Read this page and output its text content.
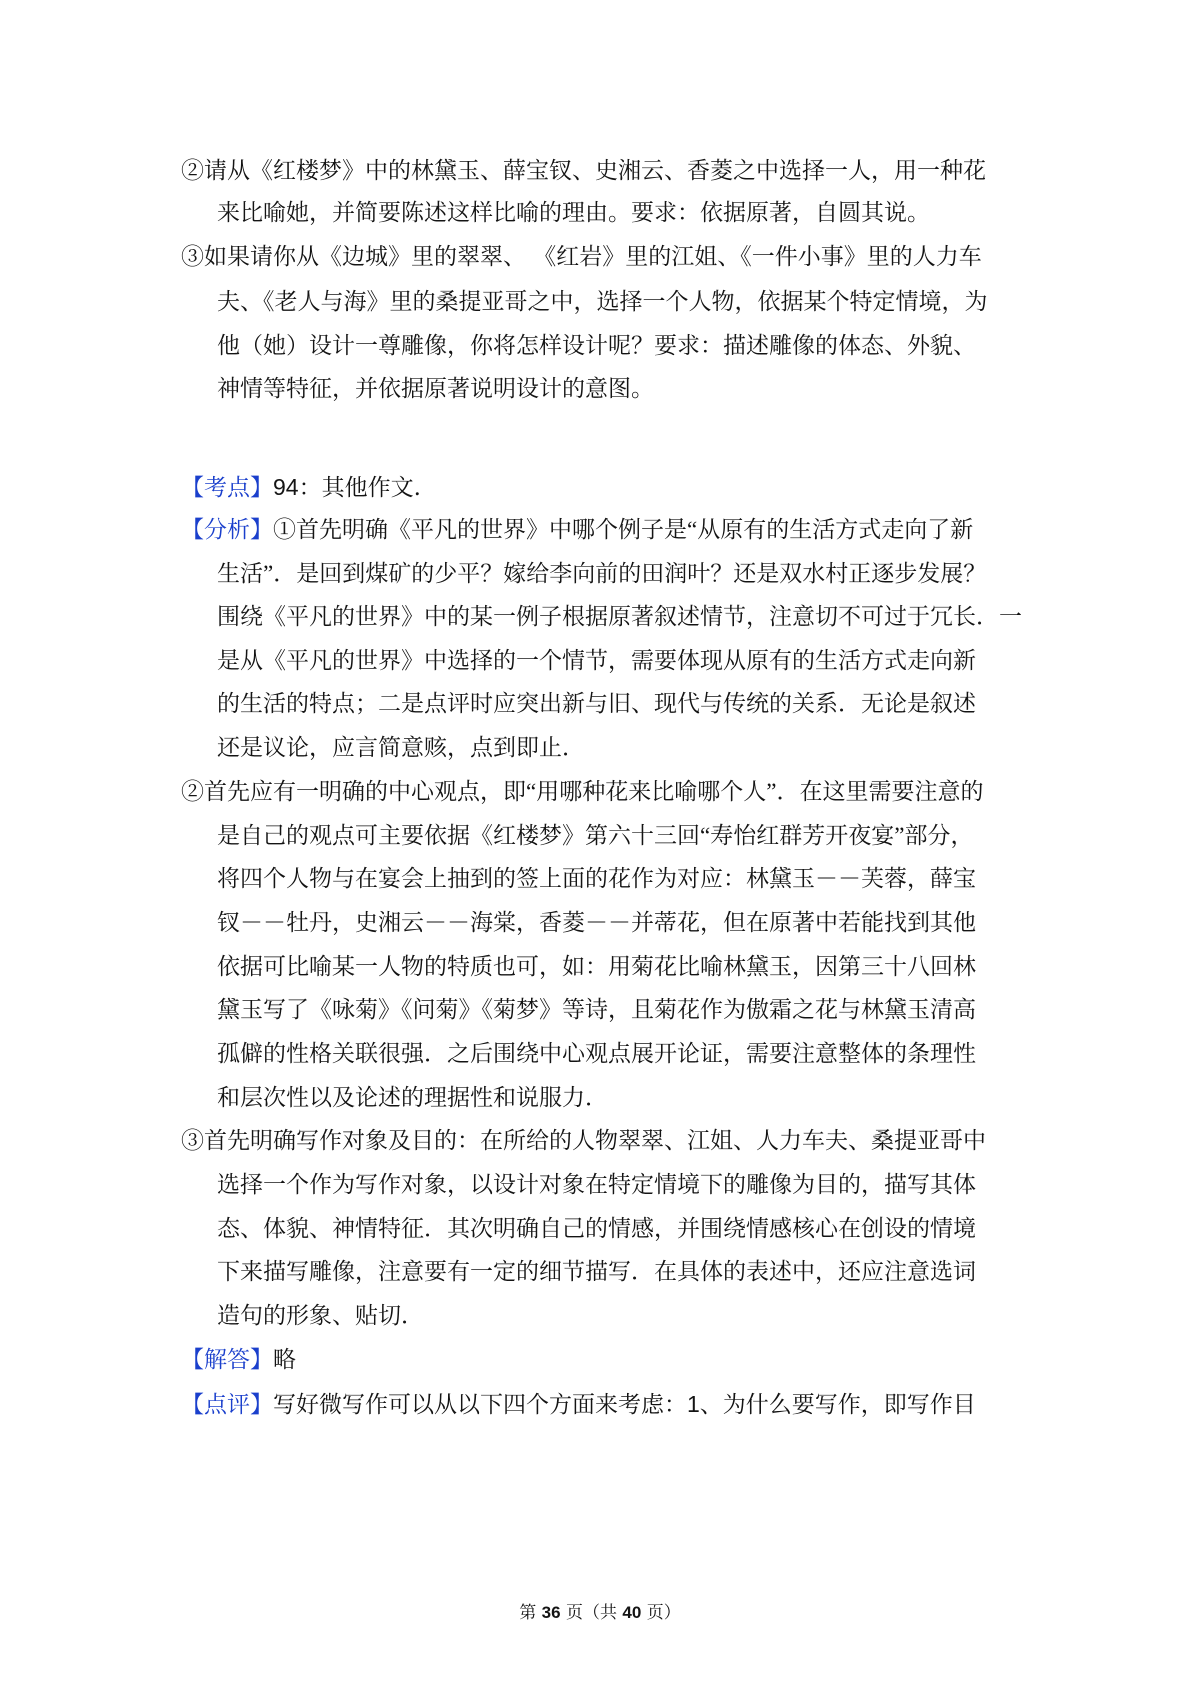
②请从《红楼梦》中的林黛玉、薛宝钗、史湘云、香菱之中选择一人，用一种花
来比喻她，并简要陈述这样比喻的理由。要求：依据原著，自圆其说。
③如果请你从《边城》里的翠翠、 《红岩》里的江姐、《一件小事》里的人力车
夫、《老人与海》里的桑提亚哥之中，选择一个人物，依据某个特定情境，为
他（她）设计一尊雕像，你将怎样设计呢？要求：描述雕像的体态、外貌、
神情等特征，并依据原著说明设计的意图。
【考点】94：其他作文.
【分析】①首先明确《平凡的世界》中哪个例子是“从原有的生活方式走向了新
生活”．是回到煤矿的少平？嫁给李向前的田润叶？还是双水村正逐步发展？
围绕《平凡的世界》中的某一例子根据原著叙述情节，注意切不可过于冗长．一
是从《平凡的世界》中选择的一个情节，需要体现从原有的生活方式走向新
的生活的特点；二是点评时应突出新与旧、现代与传统的关系．无论是叙述
还是议论，应言简意赅，点到即止．
②首先应有一明确的中心观点，即“用哪种花来比喻哪个人”．在这里需要注意的
是自己的观点可主要依据《红楼梦》第六十三回“寿怡红群芳开夜宴”部分，
将四个人物与在宴会上抽到的签上面的花作为对应：林黛玉－－芙蓉，薛宝
钗－－牡丹，史湘云－－海棠，香菱－－并蒂花，但在原著中若能找到其他
依据可比喻某一人物的特质也可，如：用菊花比喻林黛玉，因第三十八回林
黛玉写了《咏菊》《问菊》《菊梦》等诗，且菊花作为傲霜之花与林黛玉清高
孤僻的性格关联很强．之后围绕中心观点展开论证，需要注意整体的条理性
和层次性以及论述的理据性和说服力．
③首先明确写作对象及目的：在所给的人物翠翠、江姐、人力车夫、桑提亚哥中
选择一个作为写作对象，以设计对象在特定情境下的雕像为目的，描写其体
态、体貌、神情特征．其次明确自己的情感，并围绕情感核心在创设的情境
下来描写雕像，注意要有一定的细节描写．在具体的表述中，还应注意选词
造句的形象、贴切．
【解答】略
【点评】写好微写作可以从以下四个方面来考虑：1、为什么要写作，即写作目
第 36 页（共 40 页）
